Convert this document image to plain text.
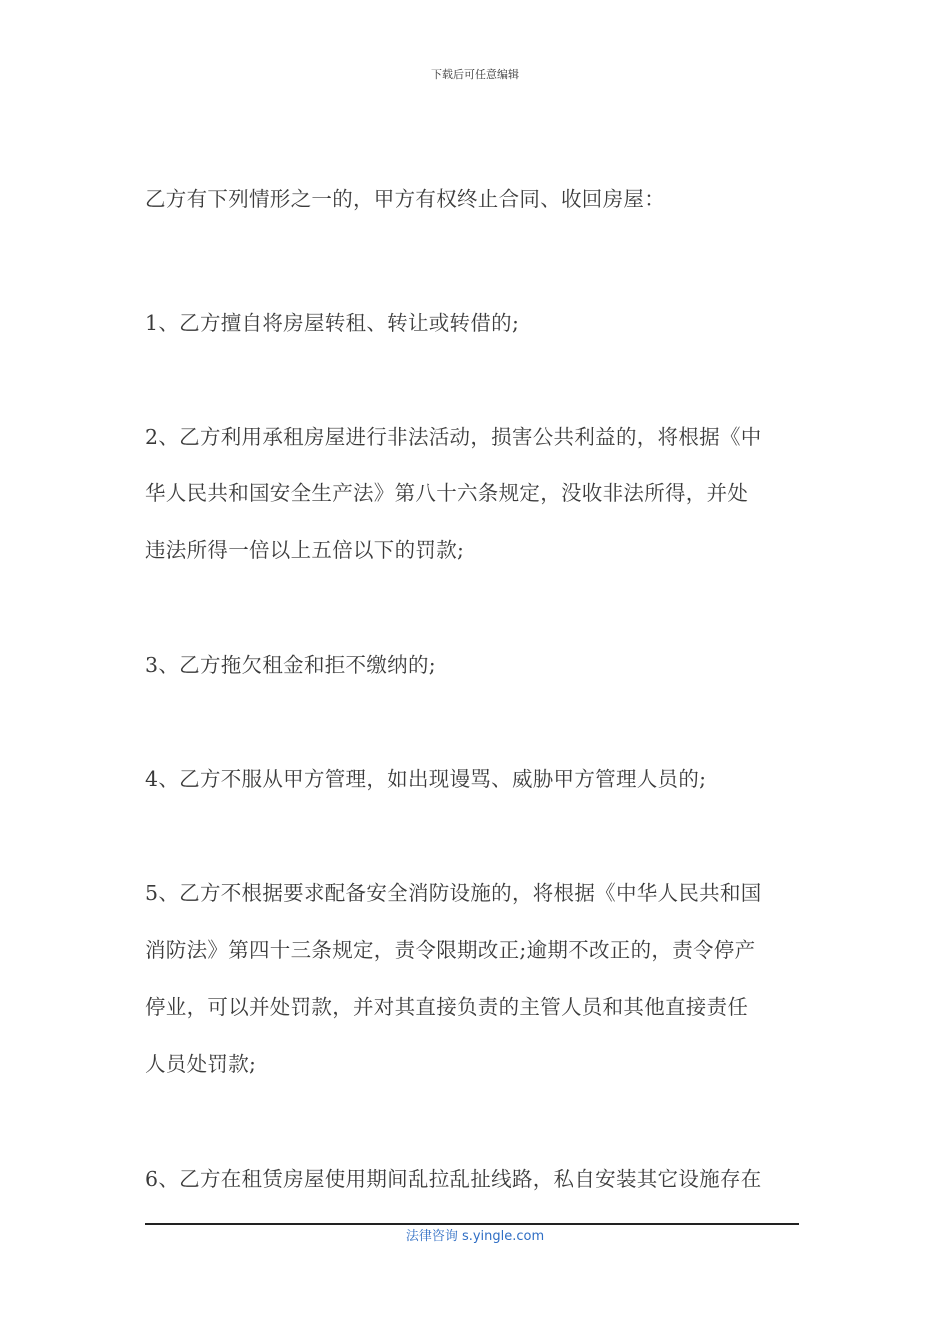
下载后可任意编辑
乙方有下列情形之一的，甲方有权终止合同、收回房屋：
1、乙方擅自将房屋转租、转让或转借的;
2、乙方利用承租房屋进行非法活动，损害公共利益的，将根据《中
华人民共和国安全生产法》第八十六条规定，没收非法所得，并处
违法所得一倍以上五倍以下的罚款;
3、乙方拖欠租金和拒不缴纳的;
4、乙方不服从甲方管理，如出现谩骂、威胁甲方管理人员的;
5、乙方不根据要求配备安全消防设施的，将根据《中华人民共和国
消防法》第四十三条规定，责令限期改正;逾期不改正的，责令停产
停业，可以并处罚款，并对其直接负责的主管人员和其他直接责任
人员处罚款;
6、乙方在租赁房屋使用期间乱拉乱扯线路，私自安装其它设施存在
法律咨询 s.yingle.com
